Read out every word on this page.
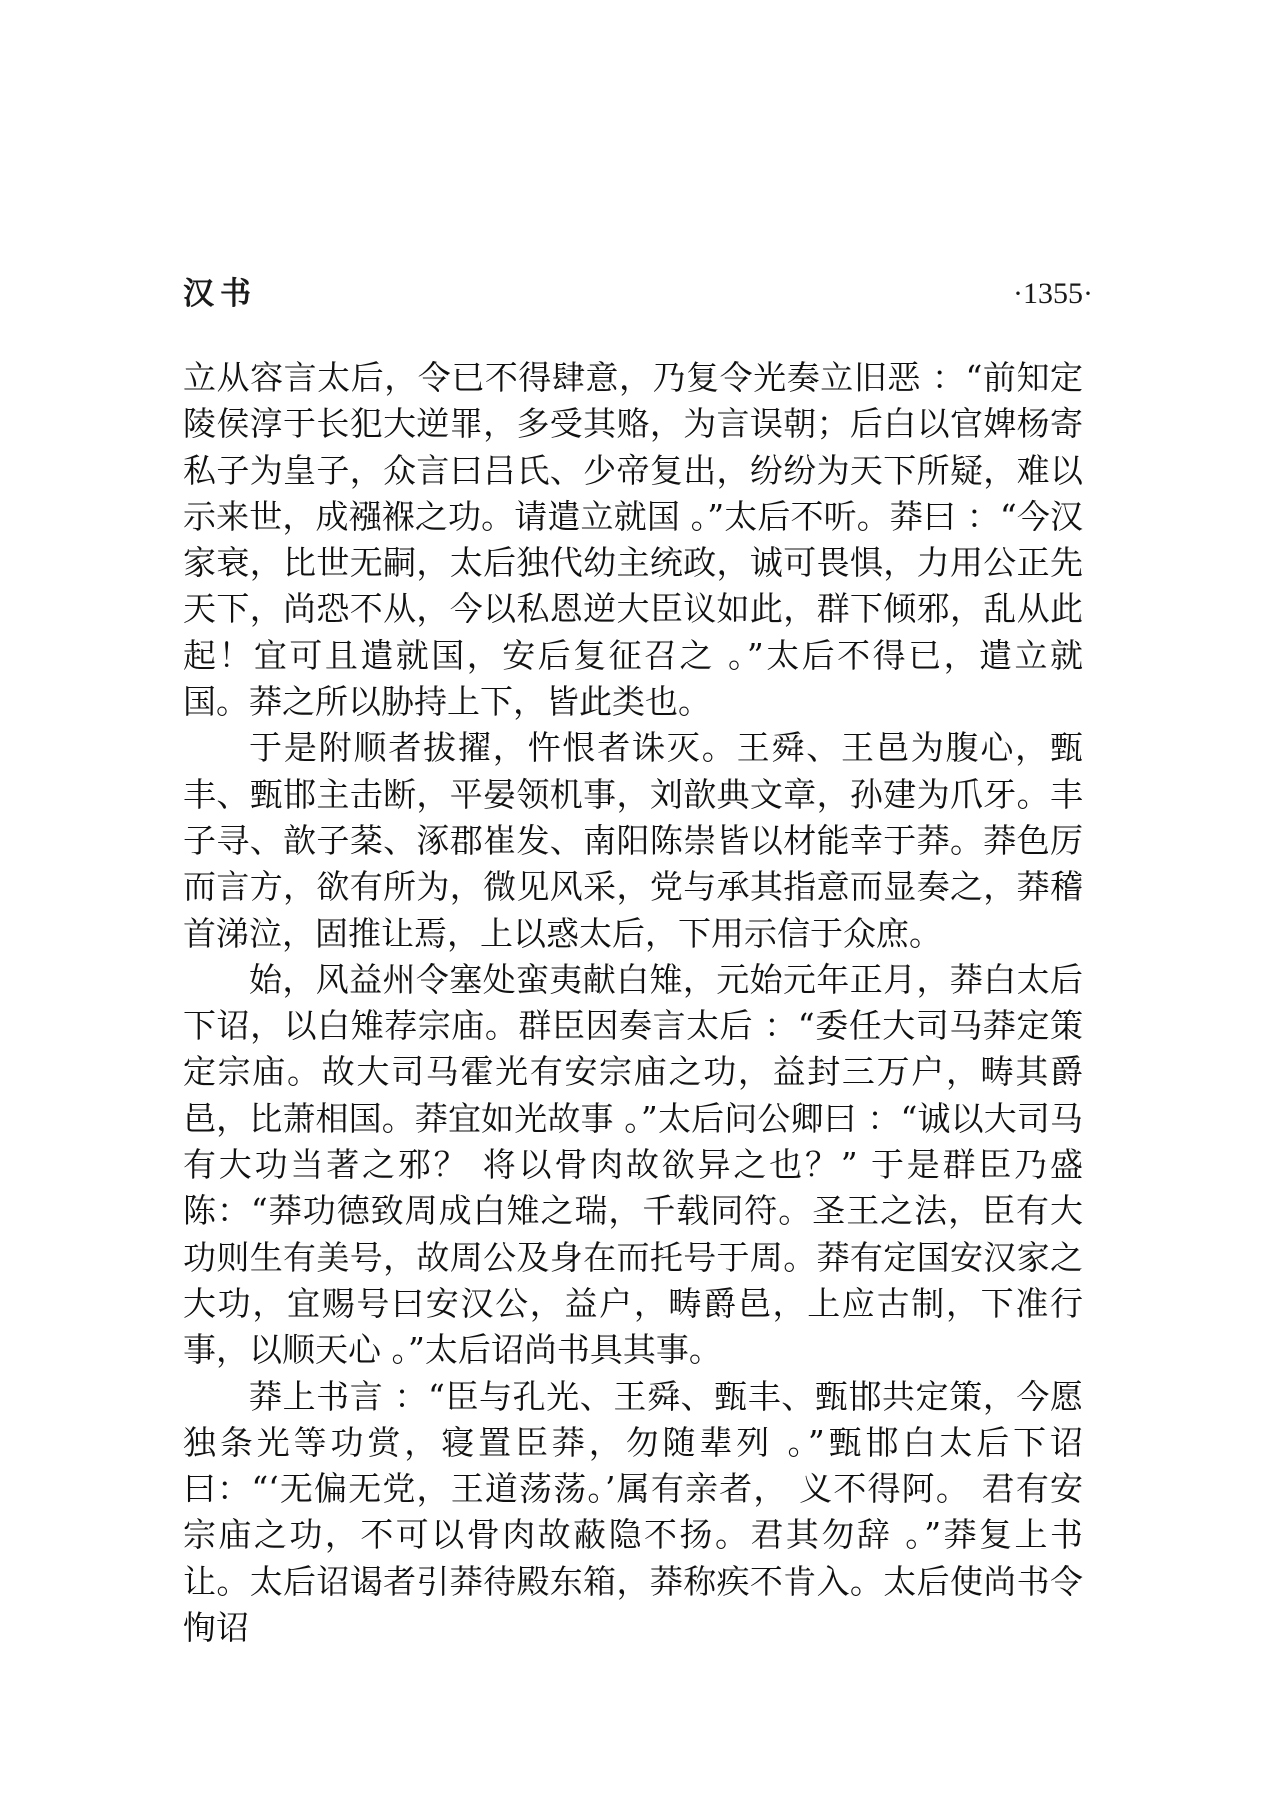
汉书	·1355·

立从容言太后，令已不得肆意，乃复令光奏立旧恶 ：“前知定陵侯淳于长犯大逆罪，多受其赂，为言误朝；后白以官婢杨寄私子为皇子，众言曰吕氏、少帝复出，纷纷为天下所疑，难以示来世，成襁褓之功。请遣立就国 。”太后不听。莽曰 ：“今汉家衰，比世无嗣，太后独代幼主统政，诚可畏惧，力用公正先天下，尚恐不从，今以私恩逆大臣议如此，群下倾邪，乱从此起！宜可且遣就国，安后复征召之 。”太后不得已，遣立就国。莽之所以胁持上下，皆此类也。

于是附顺者拔擢，忤恨者诛灭。王舜、王邑为腹心，甄丰、甄邯主击断，平晏领机事，刘歆典文章，孙建为爪牙。丰子寻、歆子棻、涿郡崔发、南阳陈崇皆以材能幸于莽。莽色厉而言方，欲有所为，微见风采，党与承其指意而显奏之，莽稽首涕泣，固推让焉，上以惑太后，下用示信于众庶。

始，风益州令塞处蛮夷献白雉，元始元年正月，莽白太后下诏，以白雉荐宗庙。群臣因奏言太后 ：“委任大司马莽定策定宗庙。故大司马霍光有安宗庙之功，益封三万户，畴其爵邑，比萧相国。莽宜如光故事 。”太后问公卿曰 ：“诚以大司马有大功当著之邪？ 将以骨肉故欲异之也？” 于是群臣乃盛陈：“莽功德致周成白雉之瑞，千载同符。圣王之法，臣有大功则生有美号，故周公及身在而托号于周。莽有定国安汉家之大功，宜赐号曰安汉公，益户，畴爵邑，上应古制，下准行事，以顺天心 。”太后诏尚书具其事。

莽上书言 ：“臣与孔光、王舜、甄丰、甄邯共定策，今愿独条光等功赏，寝置臣莽，勿随辈列 。”甄邯白太后下诏曰：“‘无偏无党，王道荡荡。’属有亲者， 义不得阿。 君有安宗庙之功，不可以骨肉故蔽隐不扬。君其勿辞 。”莽复上书让。太后诏谒者引莽待殿东箱，莽称疾不肯入。太后使尚书令恂诏
